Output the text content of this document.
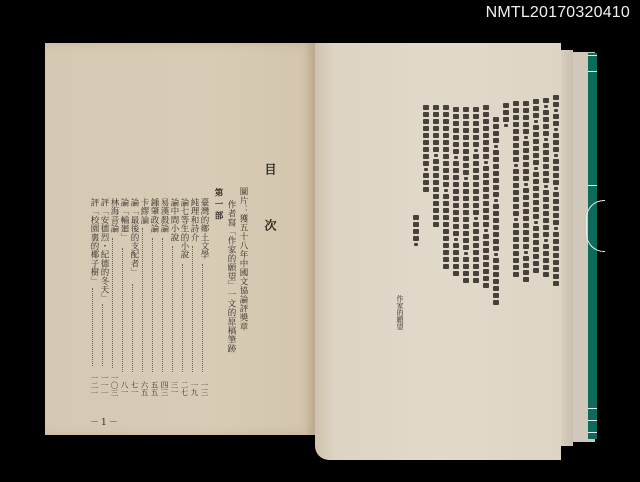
NMTL20170320410
目　次
圖片：獲五十八年中國文協論評獎章
作者寫「作家的願望」一文的原稿筆跡
第一部
臺灣的鄉土文學
一三
純理和詩介
一九
論七等生的小說
二七
論中間小說
三一
易漢殺論
四三
鍾肇政論
五五
卡繆論
六五
論「最後的支配者」
七一
論「輸廻」
八一
林海音論
一〇三
評「安德烈・紀德的冬天」
一一一
評「校園裏的椰子樹」
一二一
－1－
作家的願望
